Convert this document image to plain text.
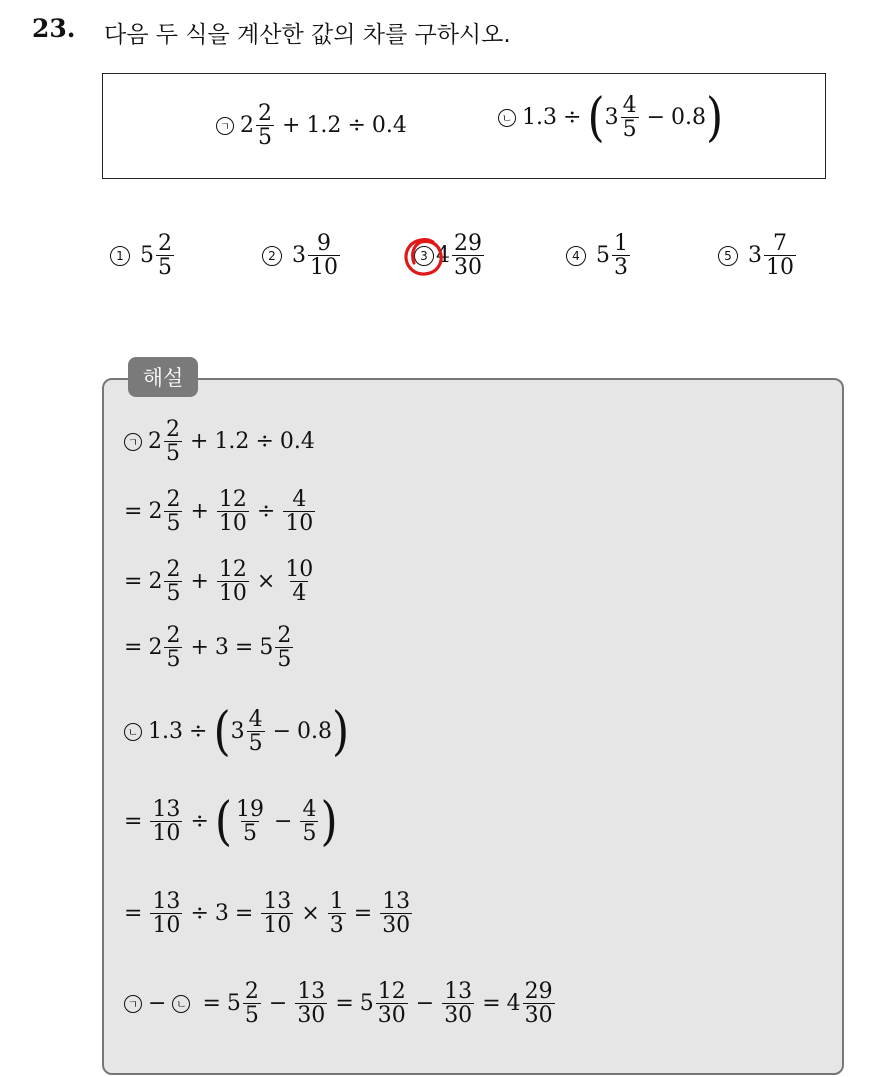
23. 다음 두 식을 계산한 값의 차를 구하시오.
ㄱ $2 \frac{2}{5} + 1.2 \div 0.4$	ㄴ 1.3 ÷ ( $3 \frac{4}{5} - 0.8$ )
1 $5 \frac{2}{5}$	2 $3 \frac{9}{10}$	3 $4 \frac{29}{30}$	4 $5 \frac{1}{3}$	5 $3 \frac{7}{10}$
해설
ㄱ $2 \frac{2}{5} + 1.2 \div 0.4$
= $2 \frac{2}{5} + \frac{12}{10} \div \frac{4}{10}$
= $2 \frac{2}{5} + \frac{12}{10} \times \frac{10}{4}$
= $2 \frac{2}{5} + 3 = 5 \frac{2}{5}$
ㄴ 1.3 ÷ ( $3 \frac{4}{5} - 0.8$ )
= $\frac{13}{10}$ ÷ ( $\frac{19}{5} - \frac{4}{5}$ )
= $\frac{13}{10} \div 3 = \frac{13}{10} \times \frac{1}{3} = \frac{13}{30}$
ㄱ − ㄴ = $5 \frac{2}{5} - \frac{13}{30} = 5 \frac{12}{30} - \frac{13}{30} = 4 \frac{29}{30}$
